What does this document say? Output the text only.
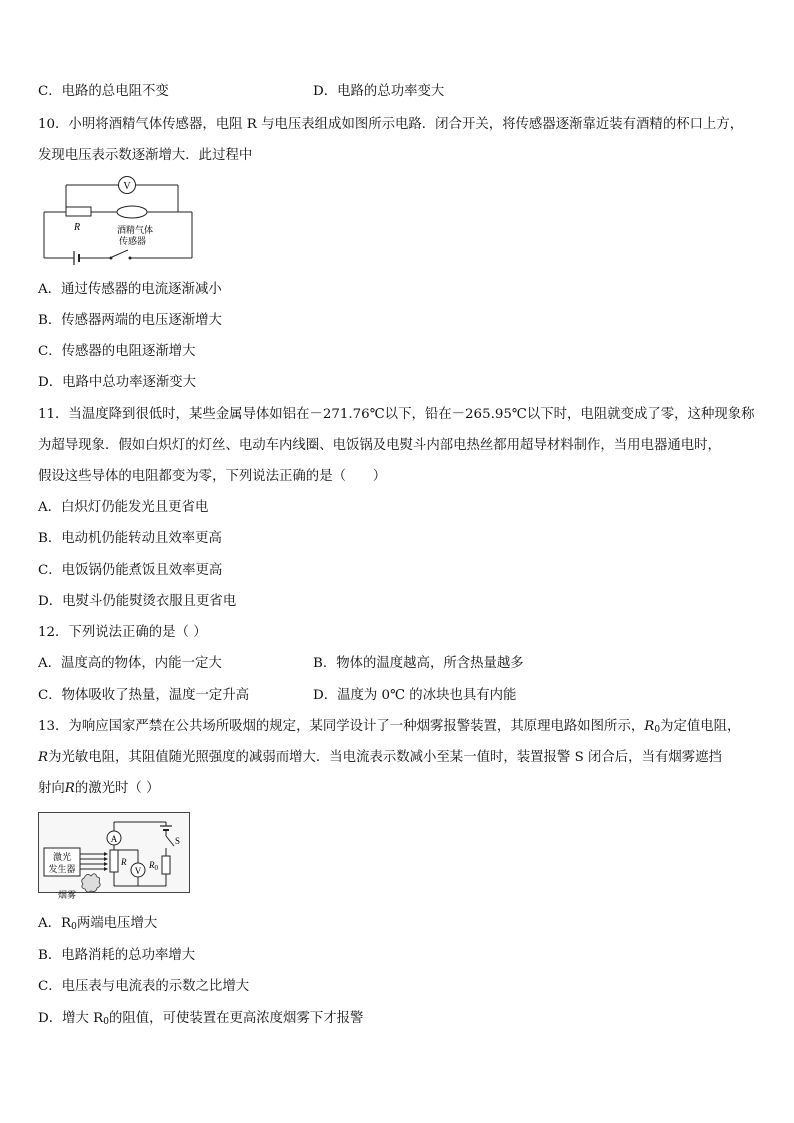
C．电路的总电阻不变	D．电路的总功率变大
10．小明将酒精气体传感器，电阻 R 与电压表组成如图所示电路．闭合开关，将传感器逐渐靠近装有酒精的杯口上方，
发现电压表示数逐渐增大．此过程中
V
R	酒精气体
传感器
A．通过传感器的电流逐渐减小
B．传感器两端的电压逐渐增大
C．传感器的电阻逐渐增大
D．电路中总功率逐渐变大
11．当温度降到很低时，某些金属导体如铝在－271.76℃以下，铅在－265.95℃以下时，电阻就变成了零，这种现象称
为超导现象．假如白炽灯的灯丝、电动车内线圈、电饭锅及电熨斗内部电热丝都用超导材料制作，当用电器通电时，
假设这些导体的电阻都变为零，下列说法正确的是（　　）
A．白炽灯仍能发光且更省电
B．电动机仍能转动且效率更高
C．电饭锅仍能煮饭且效率更高
D．电熨斗仍能熨烫衣服且更省电
12．下列说法正确的是（ ）
A．温度高的物体，内能一定大	B．物体的温度越高，所含热量越多
C．物体吸收了热量，温度一定升高	D．温度为 0℃ 的冰块也具有内能
13．为响应国家严禁在公共场所吸烟的规定，某同学设计了一种烟雾报警装置，其原理电路如图所示，$R_0$为定值电阻，
R为光敏电阻，其阻值随光照强度的减弱而增大．当电流表示数减小至某一值时，装置报警 S 闭合后，当有烟雾遮挡
射向R的激光时（ ）
激光
发生器
A
R
V
S
$R_0$
烟雾
A．$R_0$两端电压增大
B．电路消耗的总功率增大
C．电压表与电流表的示数之比增大
D．增大 $R_0$的阻值，可使装置在更高浓度烟雾下才报警
